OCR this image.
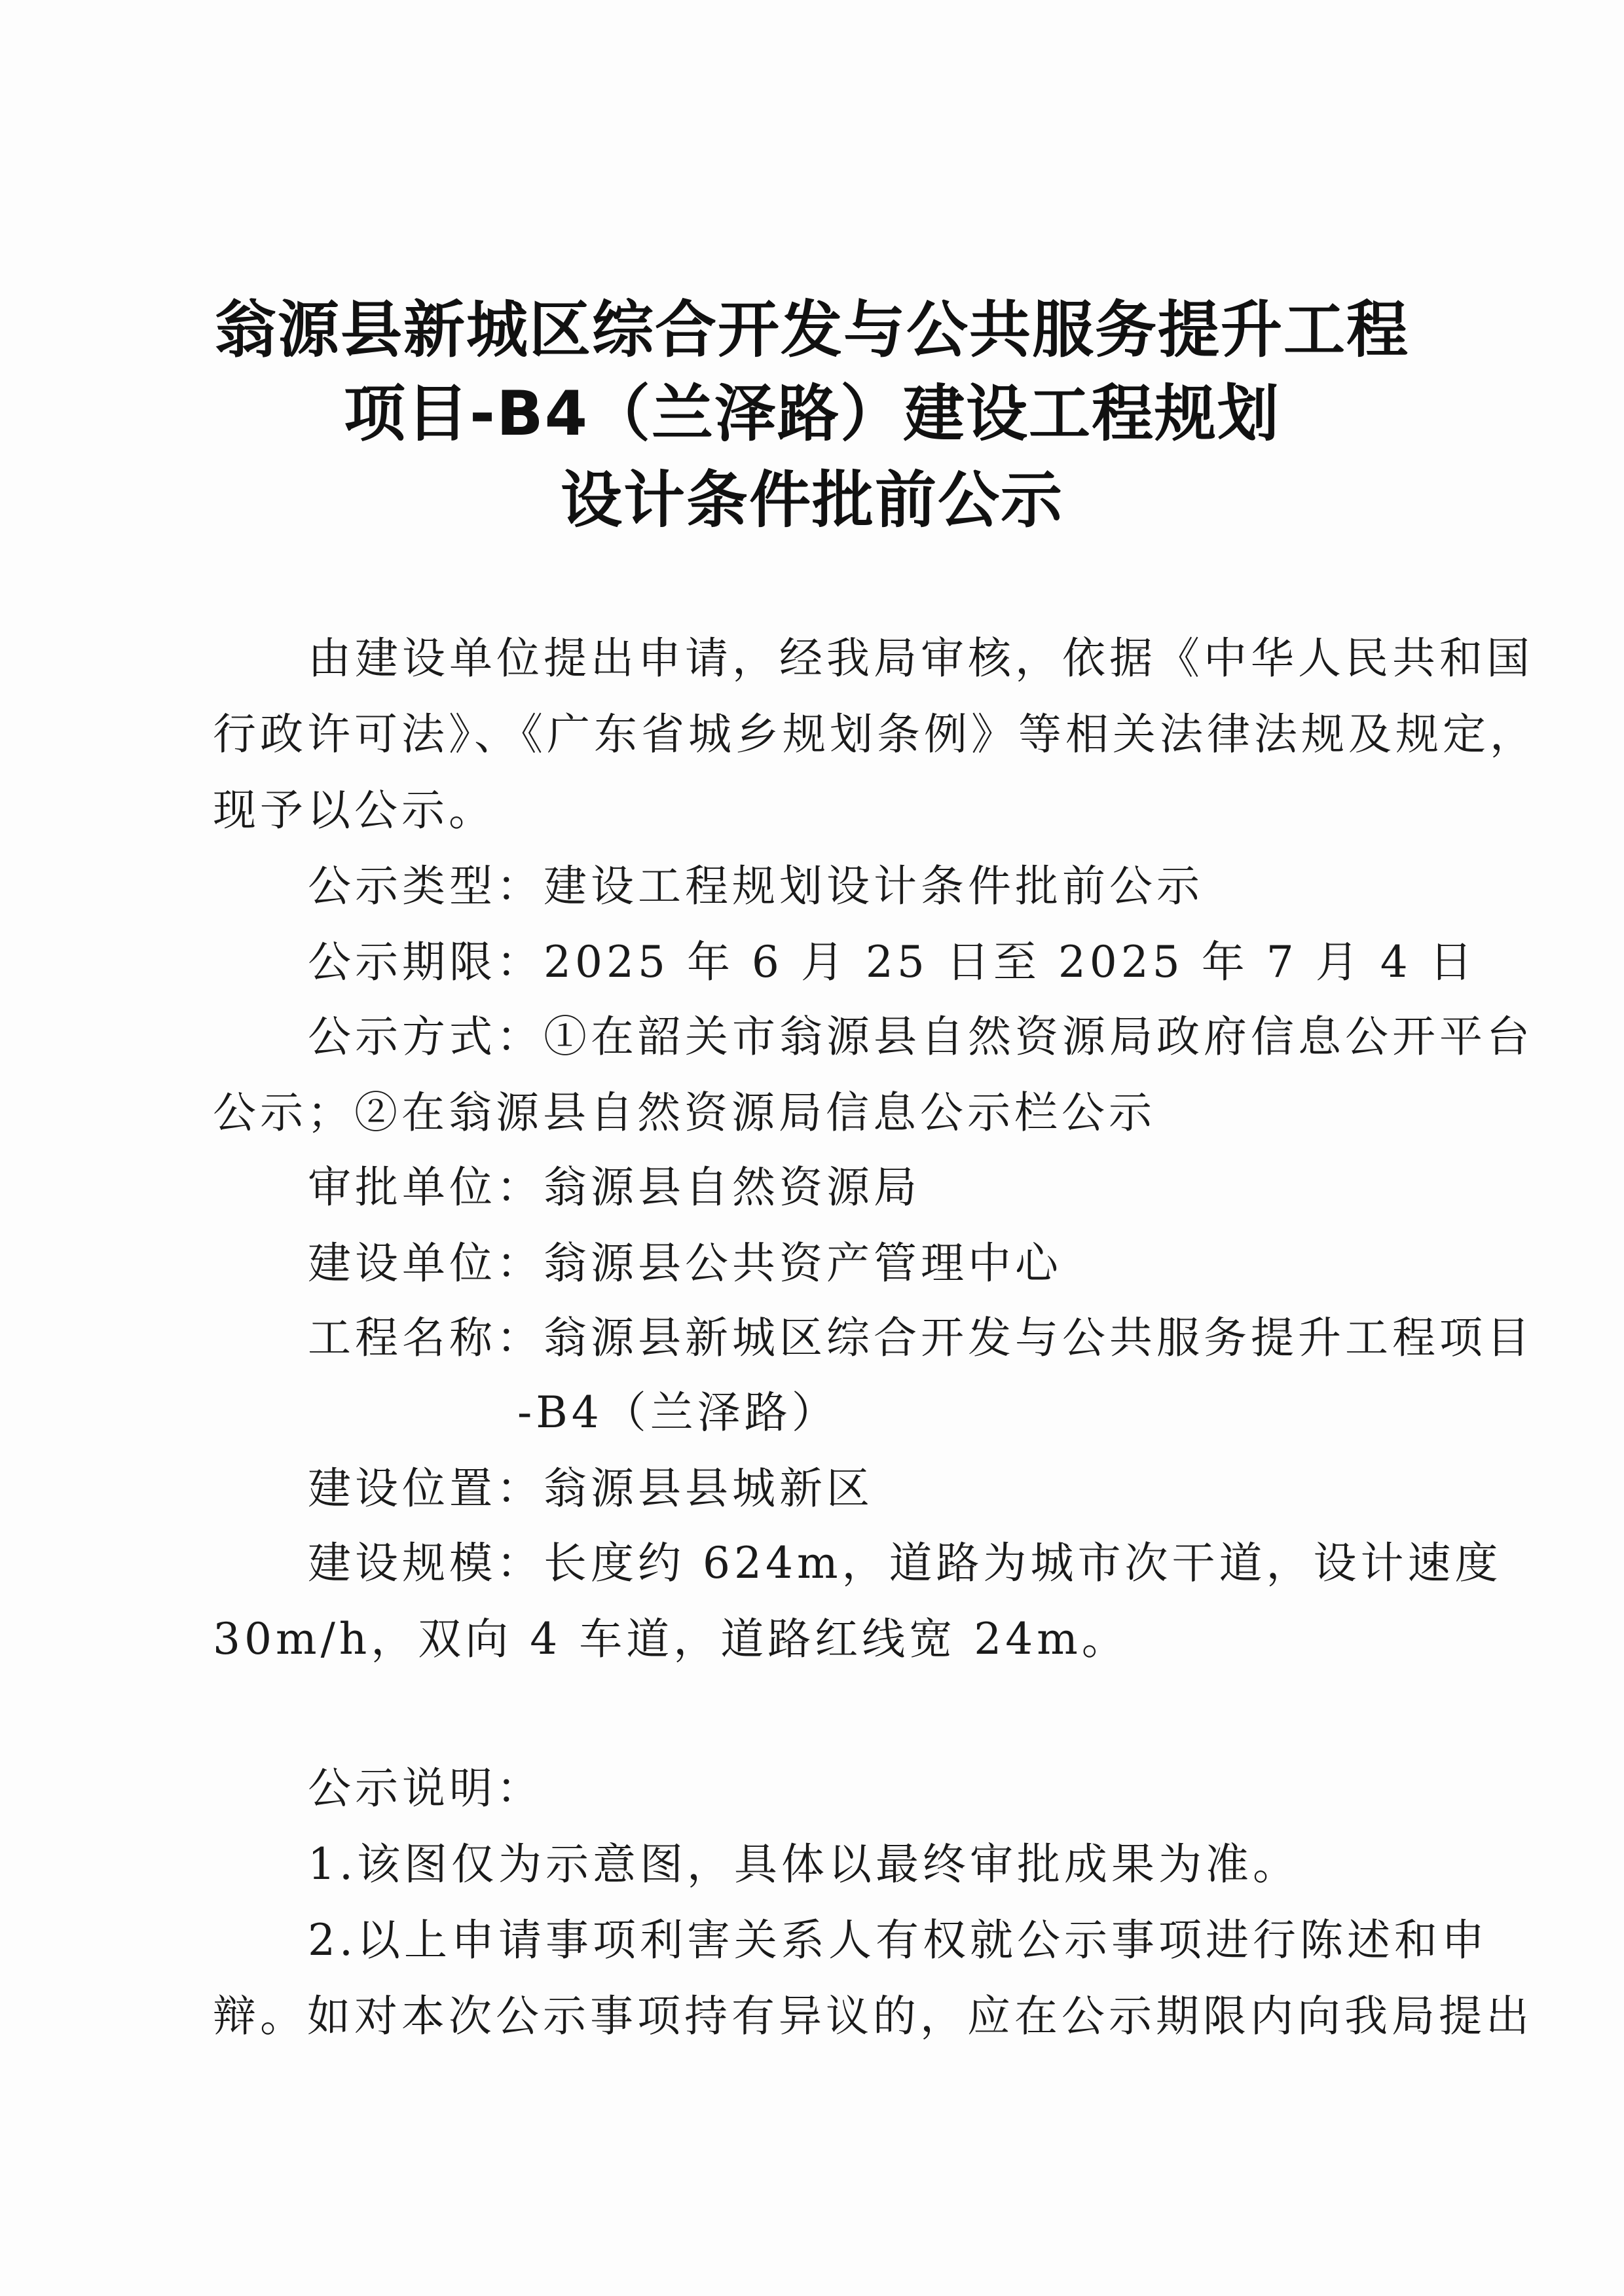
翁源县新城区综合开发与公共服务提升工程
项目-B4（兰泽路）建设工程规划
设计条件批前公示
由建设单位提出申请，经我局审核，依据《中华人民共和国
行政许可法》、《广东省城乡规划条例》等相关法律法规及规定，
现予以公示。
公示类型：建设工程规划设计条件批前公示
公示期限：2025 年 6 月 25 日至 2025 年 7 月 4 日
公示方式：①在韶关市翁源县自然资源局政府信息公开平台
公示；②在翁源县自然资源局信息公示栏公示
审批单位：翁源县自然资源局
建设单位：翁源县公共资产管理中心
工程名称：翁源县新城区综合开发与公共服务提升工程项目
-B4（兰泽路）
建设位置：翁源县县城新区
建设规模：长度约 624m，道路为城市次干道，设计速度
30m/h，双向 4 车道，道路红线宽 24m。
公示说明：
1.该图仅为示意图，具体以最终审批成果为准。
2.以上申请事项利害关系人有权就公示事项进行陈述和申
辩。如对本次公示事项持有异议的，应在公示期限内向我局提出
